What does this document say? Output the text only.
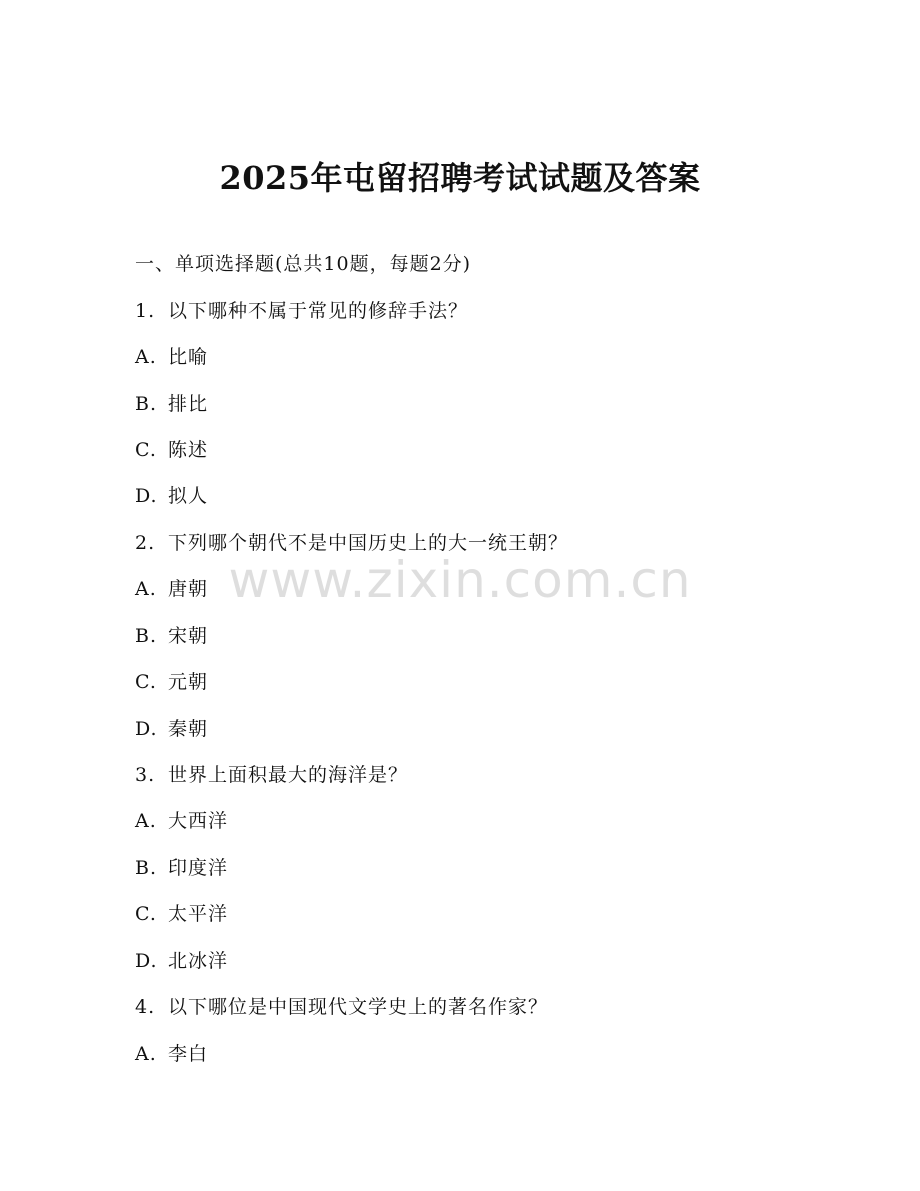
2025年屯留招聘考试试题及答案
一、单项选择题(总共10题，每题2分)
1. 以下哪种不属于常见的修辞手法？
A. 比喻
B. 排比
C. 陈述
D. 拟人
2. 下列哪个朝代不是中国历史上的大一统王朝？
A. 唐朝
B. 宋朝
C. 元朝
D. 秦朝
3. 世界上面积最大的海洋是？
A. 大西洋
B. 印度洋
C. 太平洋
D. 北冰洋
4. 以下哪位是中国现代文学史上的著名作家？
A. 李白
www.zixin.com.cn
